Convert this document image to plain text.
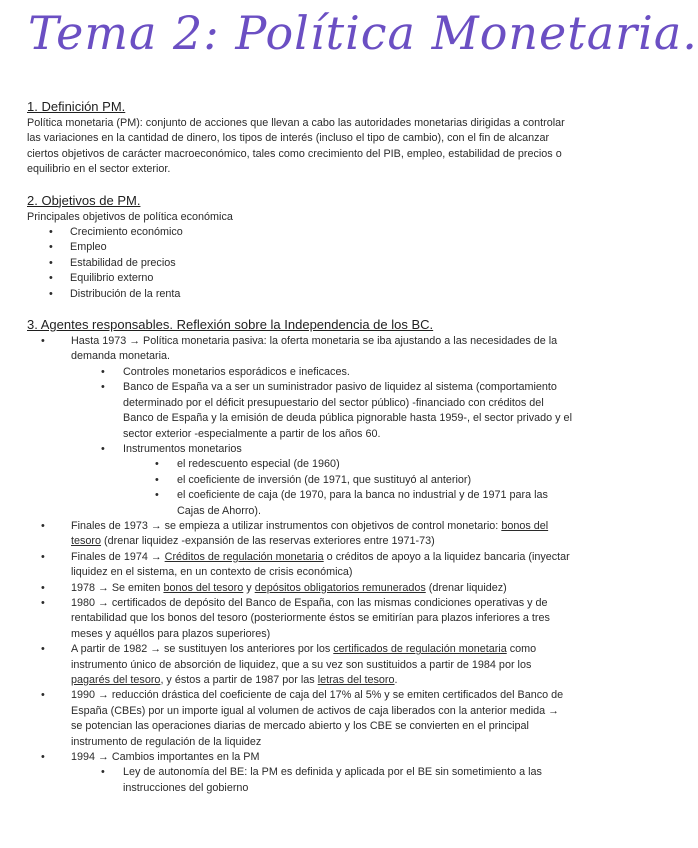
Tema 2: Política Monetaria.
1. Definición PM.

Política monetaria (PM): conjunto de acciones que llevan a cabo las autoridades monetarias dirigidas a controlar las variaciones en la cantidad de dinero, los tipos de interés (incluso el tipo de cambio), con el fin de alcanzar ciertos objetivos de carácter macroeconómico, tales como crecimiento del PIB, empleo, estabilidad de precios o equilibrio en el sector exterior.

2. Objetivos de PM.

Principales objetivos de política económica

• Crecimiento económico
• Empleo
• Estabilidad de precios
• Equilibrio externo
• Distribución de la renta
3. Agentes responsables. Reflexión sobre la Independencia de los BC.
• Hasta 1973 → Política monetaria pasiva: la oferta monetaria se iba ajustando a las necesidades de la demanda monetaria.
• Controles monetarios esporádicos e ineficaces.
• Banco de España va a ser un suministrador pasivo de liquidez al sistema (comportamiento determinado por el déficit presupuestario del sector público) -financiado con créditos del Banco de España y la emisión de deuda pública pignorable hasta 1959-, el sector privado y el sector exterior -especialmente a partir de los años 60.
• Instrumentos monetarios
• el redescuento especial (de 1960)
• el coeficiente de inversión (de 1971, que sustituyó al anterior)
• el coeficiente de caja (de 1970, para la banca no industrial y de 1971 para las Cajas de Ahorro).
• Finales de 1973 → se empieza a utilizar instrumentos con objetivos de control monetario: bonos del tesoro (drenar liquidez -expansión de las reservas exteriores entre 1971-73)
• Finales de 1974 → Créditos de regulación monetaria o créditos de apoyo a la liquidez bancaria (inyectar liquidez en el sistema, en un contexto de crisis económica)
• 1978 → Se emiten bonos del tesoro y depósitos obligatorios remunerados (drenar liquidez)
• 1980 → certificados de depósito del Banco de España, con las mismas condiciones operativas y de rentabilidad que los bonos del tesoro (posteriormente éstos se emitirían para plazos inferiores a tres meses y aquéllos para plazos superiores)
• A partir de 1982 → se sustituyen los anteriores por los certificados de regulación monetaria como instrumento único de absorción de liquidez, que a su vez son sustituidos a partir de 1984 por los pagarés del tesoro, y éstos a partir de 1987 por las letras del tesoro.
• 1990 → reducción drástica del coeficiente de caja del 17% al 5% y se emiten certificados del Banco de España (CBEs) por un importe igual al volumen de activos de caja liberados con la anterior medida → se potencian las operaciones diarias de mercado abierto y los CBE se convierten en el principal instrumento de regulación de la liquidez
• 1994 → Cambios importantes en la PM
• Ley de autonomía del BE: la PM es definida y aplicada por el BE sin sometimiento a las instrucciones del gobierno
